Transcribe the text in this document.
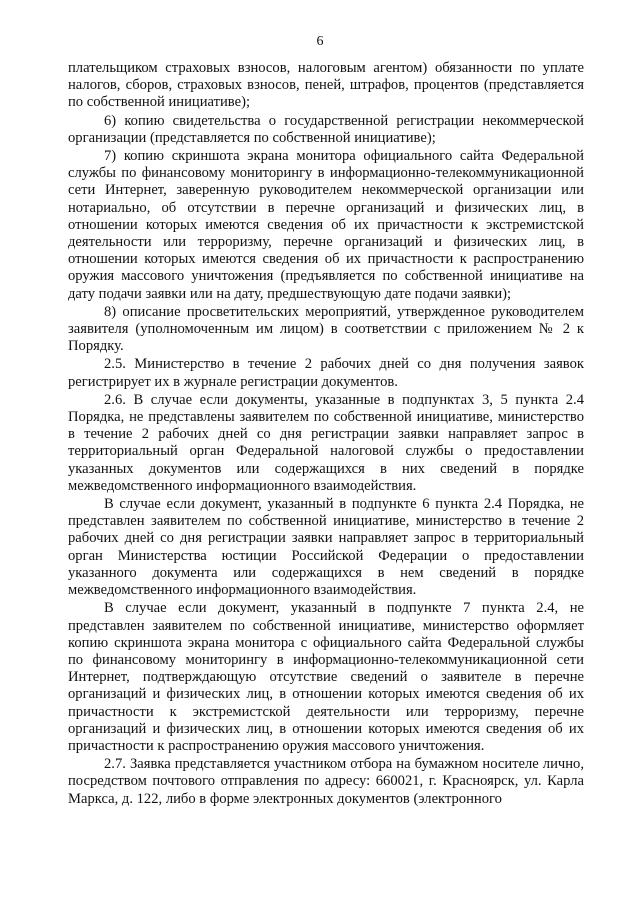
6

плательщиком страховых взносов, налоговым агентом) обязанности по уплате налогов, сборов, страховых взносов, пеней, штрафов, процентов (представляется по собственной инициативе);

6) копию свидетельства о государственной регистрации некоммерческой организации (представляется по собственной инициативе);

7) копию скриншота экрана монитора официального сайта Федеральной службы по финансовому мониторингу в информационно-телекоммуникационной сети Интернет, заверенную руководителем некоммерческой организации или нотариально, об отсутствии в перечне организаций и физических лиц, в отношении которых имеются сведения об их причастности к экстремистской деятельности или терроризму, перечне организаций и физических лиц, в отношении которых имеются сведения об их причастности к распространению оружия массового уничтожения (предъявляется по собственной инициативе на дату подачи заявки или на дату, предшествующую дате подачи заявки);

8) описание просветительских мероприятий, утвержденное руководителем заявителя (уполномоченным им лицом) в соответствии с приложением № 2 к Порядку.

2.5. Министерство в течение 2 рабочих дней со дня получения заявок регистрирует их в журнале регистрации документов.

2.6. В случае если документы, указанные в подпунктах 3, 5 пункта 2.4 Порядка, не представлены заявителем по собственной инициативе, министерство в течение 2 рабочих дней со дня регистрации заявки направляет запрос в территориальный орган Федеральной налоговой службы о предоставлении указанных документов или содержащихся в них сведений в порядке межведомственного информационного взаимодействия.

В случае если документ, указанный в подпункте 6 пункта 2.4 Порядка, не представлен заявителем по собственной инициативе, министерство в течение 2 рабочих дней со дня регистрации заявки направляет запрос в территориальный орган Министерства юстиции Российской Федерации о предоставлении указанного документа или содержащихся в нем сведений в порядке межведомственного информационного взаимодействия.

В случае если документ, указанный в подпункте 7 пункта 2.4, не представлен заявителем по собственной инициативе, министерство оформляет копию скриншота экрана монитора с официального сайта Федеральной службы по финансовому мониторингу в информационно-телекоммуникационной сети Интернет, подтверждающую отсутствие сведений о заявителе в перечне организаций и физических лиц, в отношении которых имеются сведения об их причастности к экстремистской деятельности или терроризму, перечне организаций и физических лиц, в отношении которых имеются сведения об их причастности к распространению оружия массового уничтожения.

2.7. Заявка представляется участником отбора на бумажном носителе лично, посредством почтового отправления по адресу: 660021, г. Красноярск, ул. Карла Маркса, д. 122, либо в форме электронных документов (электронного
